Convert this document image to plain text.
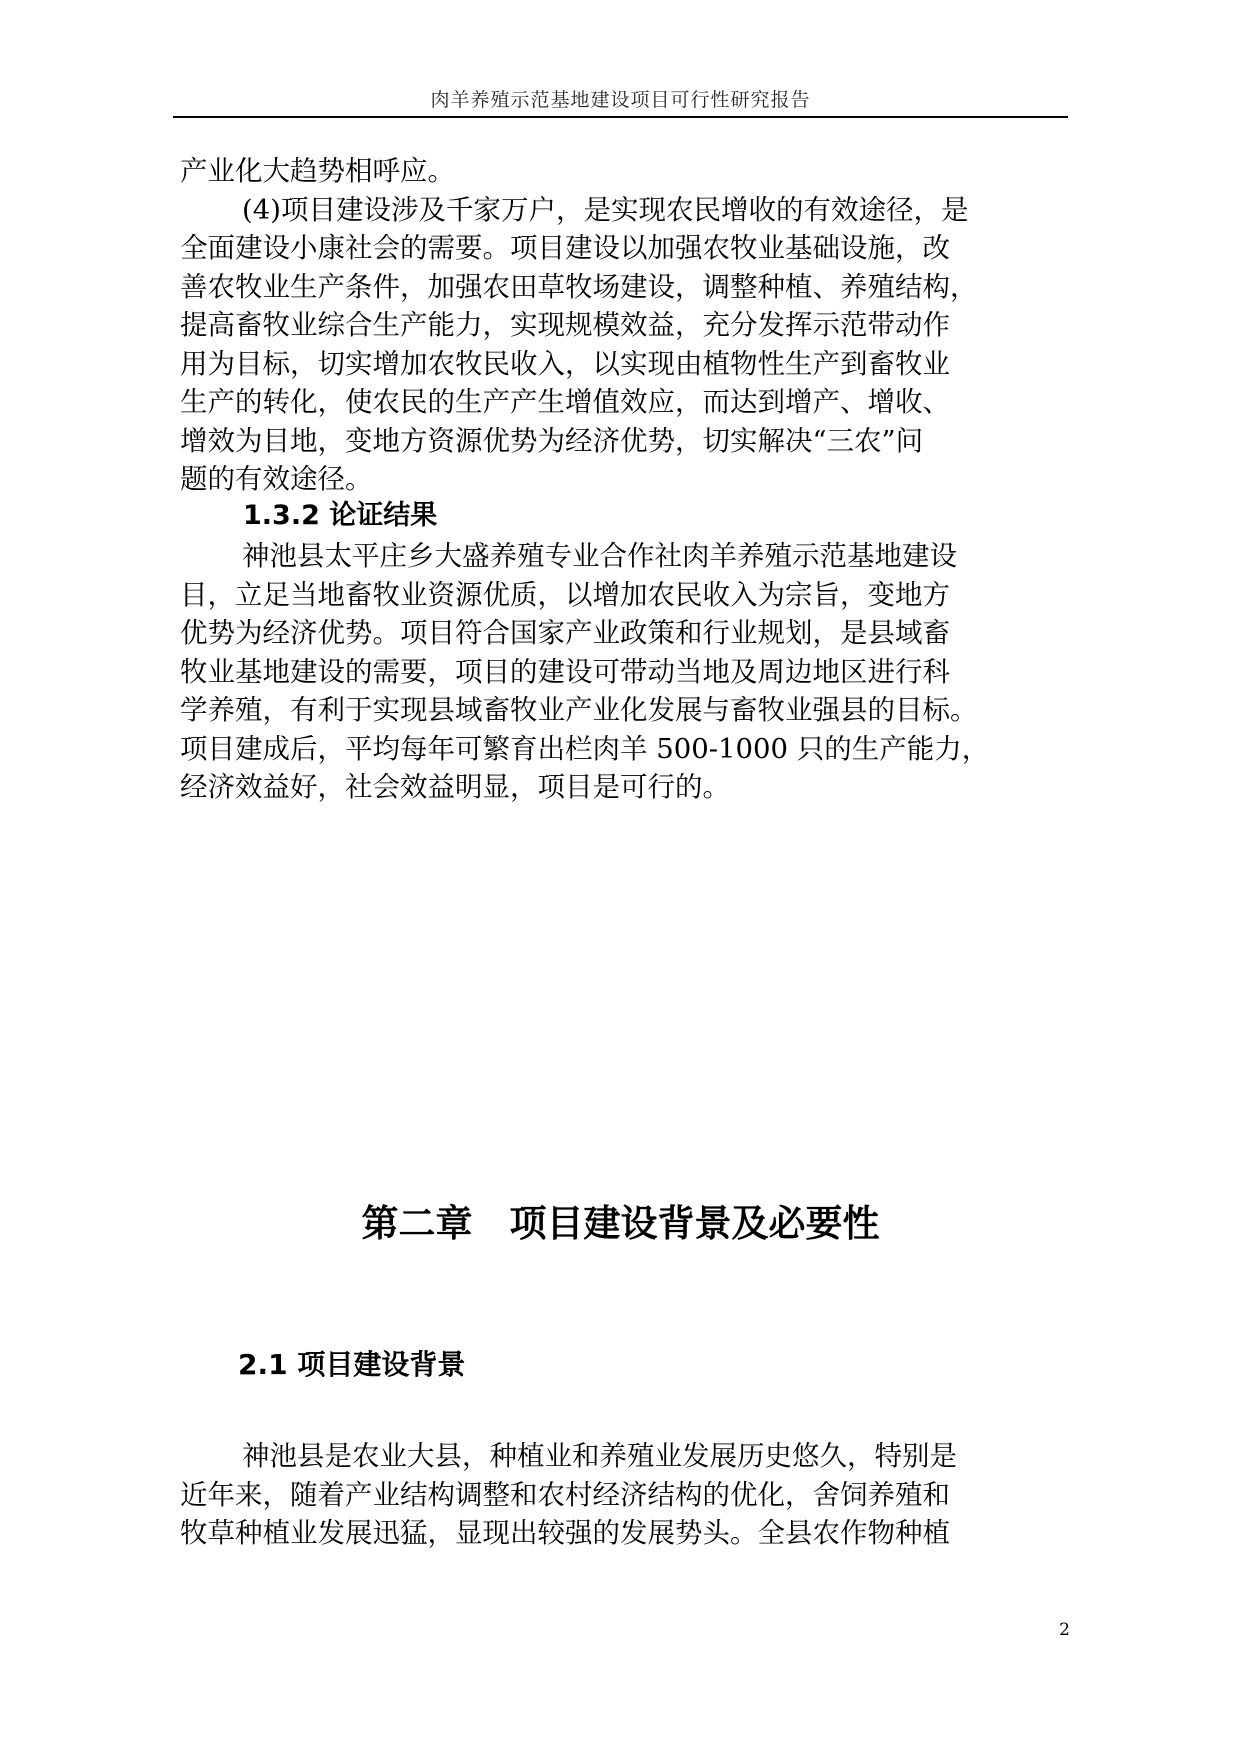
肉羊养殖示范基地建设项目可行性研究报告
产业化大趋势相呼应。
(4)项目建设涉及千家万户，是实现农民增收的有效途径，是
全面建设小康社会的需要。项目建设以加强农牧业基础设施，改
善农牧业生产条件，加强农田草牧场建设，调整种植、养殖结构，
提高畜牧业综合生产能力，实现规模效益，充分发挥示范带动作
用为目标，切实增加农牧民收入，以实现由植物性生产到畜牧业
生产的转化，使农民的生产产生增值效应，而达到增产、增收、
增效为目地，变地方资源优势为经济优势，切实解决“三农”问
题的有效途径。
1.3.2 论证结果
神池县太平庄乡大盛养殖专业合作社肉羊养殖示范基地建设
目，立足当地畜牧业资源优质，以增加农民收入为宗旨，变地方
优势为经济优势。项目符合国家产业政策和行业规划，是县域畜
牧业基地建设的需要，项目的建设可带动当地及周边地区进行科
学养殖，有利于实现县域畜牧业产业化发展与畜牧业强县的目标。
项目建成后，平均每年可繁育出栏肉羊 500-1000 只的生产能力，
经济效益好，社会效益明显，项目是可行的。
第二章　项目建设背景及必要性
2.1 项目建设背景
神池县是农业大县，种植业和养殖业发展历史悠久，特别是
近年来，随着产业结构调整和农村经济结构的优化，舍饲养殖和
牧草种植业发展迅猛，显现出较强的发展势头。全县农作物种植
2
